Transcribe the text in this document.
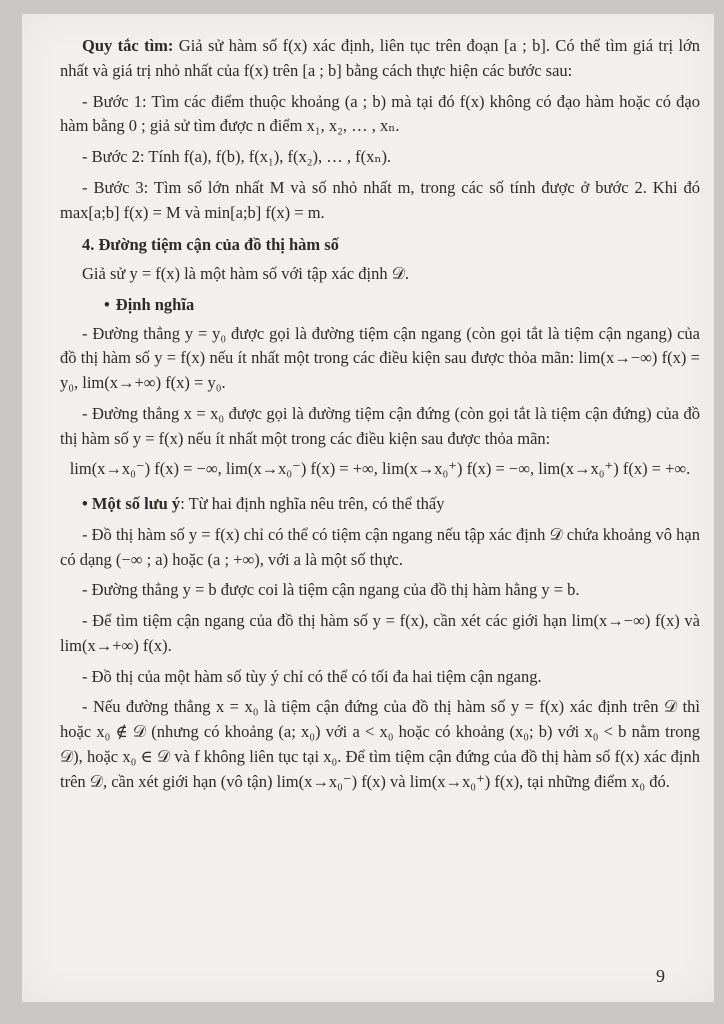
Quy tắc tìm: Giả sử hàm số f(x) xác định, liên tục trên đoạn [a ; b]. Có thể tìm giá trị lớn nhất và giá trị nhỏ nhất của f(x) trên [a ; b] bằng cách thực hiện các bước sau:

- Bước 1: Tìm các điểm thuộc khoảng (a ; b) mà tại đó f(x) không có đạo hàm hoặc có đạo hàm bằng 0 ; giả sử tìm được n điểm x₁, x₂, … , xₙ.

- Bước 2: Tính f(a), f(b), f(x₁), f(x₂), … , f(xₙ).

- Bước 3: Tìm số lớn nhất M và số nhỏ nhất m, trong các số tính được ở bước 2. Khi đó max[a;b] f(x) = M và min[a;b] f(x) = m.

4. Đường tiệm cận của đồ thị hàm số

Giả sử y = f(x) là một hàm số với tập xác định 𝒟.

• Định nghĩa

- Đường thẳng y = y₀ được gọi là đường tiệm cận ngang (còn gọi tắt là tiệm cận ngang) của đồ thị hàm số y = f(x) nếu ít nhất một trong các điều kiện sau được thỏa mãn: lim(x→−∞) f(x) = y₀, lim(x→+∞) f(x) = y₀.

- Đường thẳng x = x₀ được gọi là đường tiệm cận đứng (còn gọi tắt là tiệm cận đứng) của đồ thị hàm số y = f(x) nếu ít nhất một trong các điều kiện sau được thỏa mãn:

lim(x→x₀⁻) f(x) = −∞, lim(x→x₀⁻) f(x) = +∞, lim(x→x₀⁺) f(x) = −∞, lim(x→x₀⁺) f(x) = +∞.

• Một số lưu ý: Từ hai định nghĩa nêu trên, có thể thấy

- Đồ thị hàm số y = f(x) chỉ có thể có tiệm cận ngang nếu tập xác định 𝒟 chứa khoảng vô hạn có dạng (−∞ ; a) hoặc (a ; +∞), với a là một số thực.

- Đường thẳng y = b được coi là tiệm cận ngang của đồ thị hàm hằng y = b.

- Để tìm tiệm cận ngang của đồ thị hàm số y = f(x), cần xét các giới hạn lim(x→−∞) f(x) và lim(x→+∞) f(x).

- Đồ thị của một hàm số tùy ý chỉ có thể có tối đa hai tiệm cận ngang.

- Nếu đường thẳng x = x₀ là tiệm cận đứng của đồ thị hàm số y = f(x) xác định trên 𝒟 thì hoặc x₀ ∉ 𝒟 (nhưng có khoảng (a; x₀) với a < x₀ hoặc có khoảng (x₀; b) với x₀ < b nằm trong 𝒟), hoặc x₀ ∈ 𝒟 và f không liên tục tại x₀. Để tìm tiệm cận đứng của đồ thị hàm số f(x) xác định trên 𝒟, cần xét giới hạn (vô tận) lim(x→x₀⁻) f(x) và lim(x→x₀⁺) f(x), tại những điểm x₀ đó.

9
